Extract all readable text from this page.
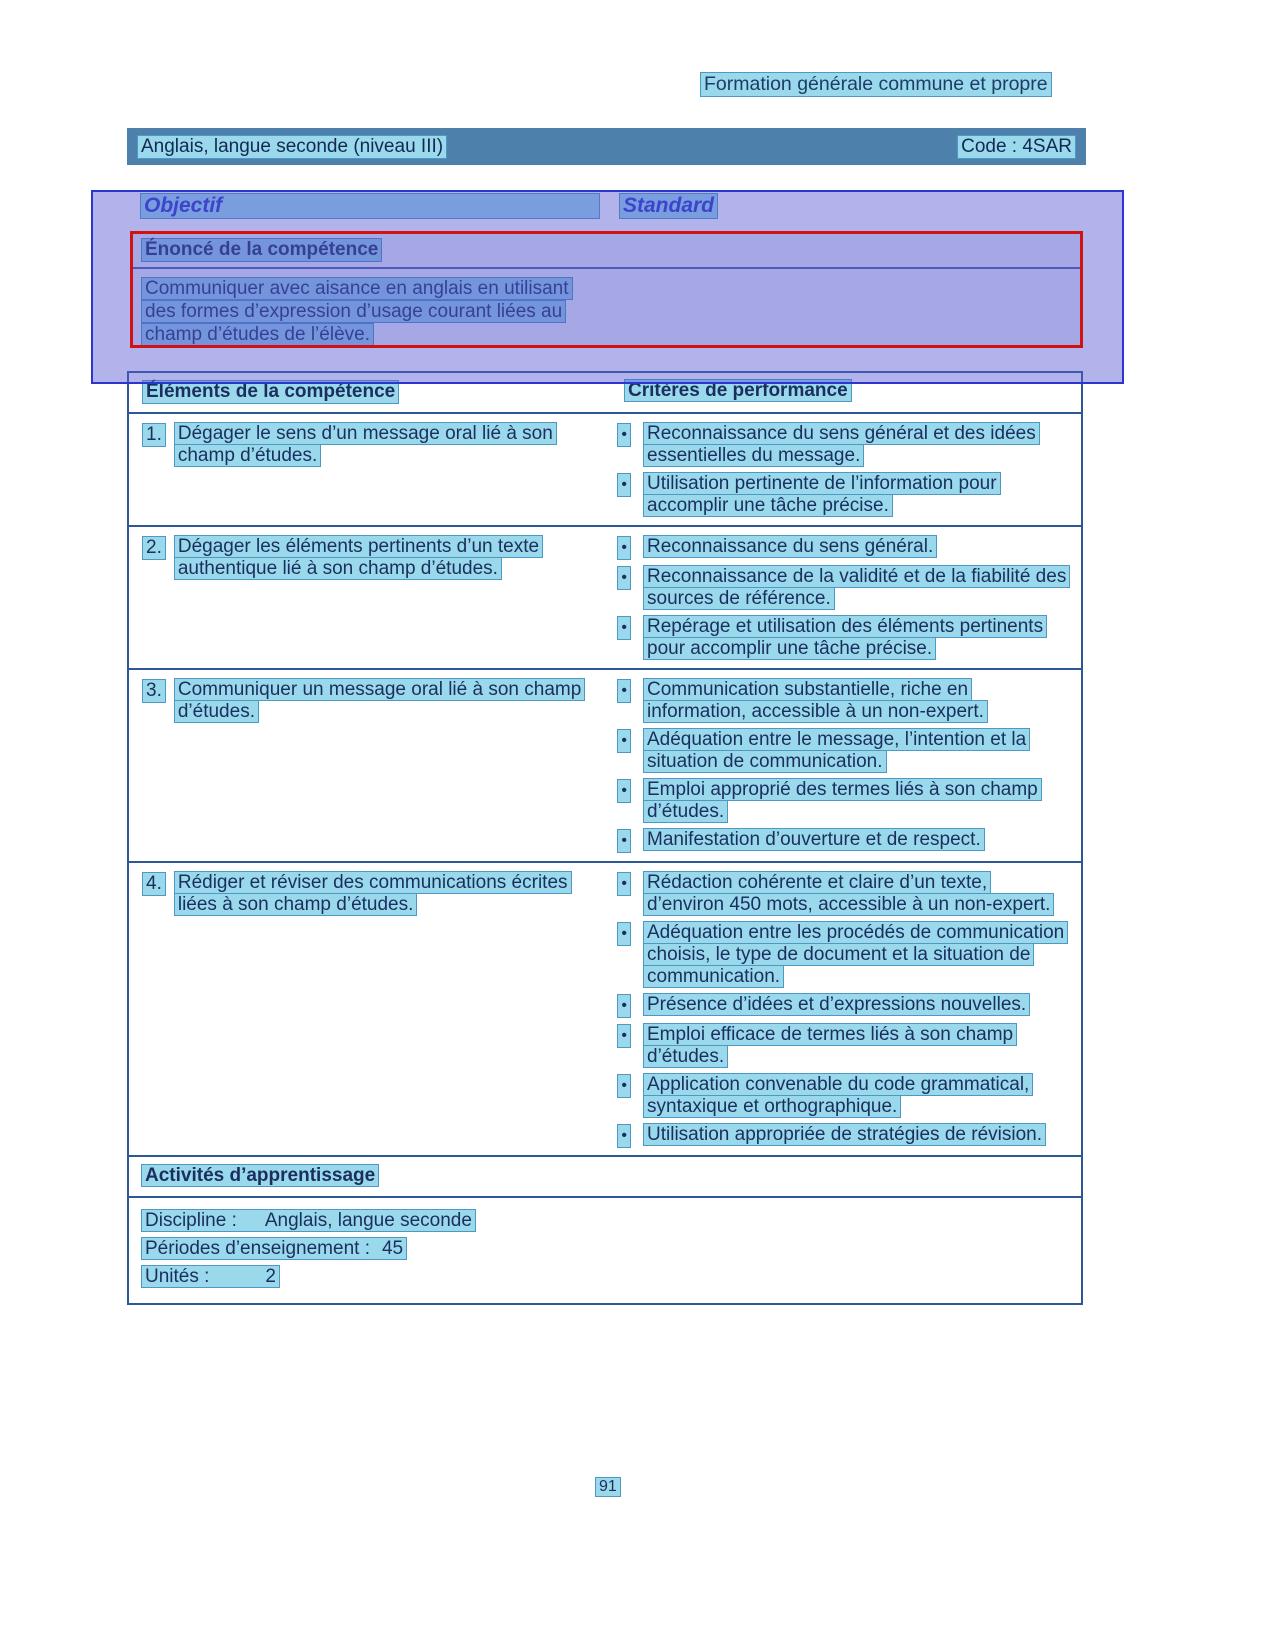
Formation générale commune et propre
Anglais, langue seconde (niveau III)	Code : 4SAR
Objectif	Standard
Énoncé de la compétence
Communiquer avec aisance en anglais en utilisant des formes d’expression d’usage courant liées au champ d’études de l’élève.
Éléments de la compétence	Critères de performance
1. Dégager le sens d’un message oral lié à son champ d’études.
• Reconnaissance du sens général et des idées essentielles du message.
• Utilisation pertinente de l’information pour accomplir une tâche précise.
2. Dégager les éléments pertinents d’un texte authentique lié à son champ d’études.
• Reconnaissance du sens général.
• Reconnaissance de la validité et de la fiabilité des sources de référence.
• Repérage et utilisation des éléments pertinents pour accomplir une tâche précise.
3. Communiquer un message oral lié à son champ d’études.
• Communication substantielle, riche en information, accessible à un non-expert.
• Adéquation entre le message, l’intention et la situation de communication.
• Emploi approprié des termes liés à son champ d’études.
• Manifestation d’ouverture et de respect.
4. Rédiger et réviser des communications écrites liées à son champ d’études.
• Rédaction cohérente et claire d’un texte, d’environ 450 mots, accessible à un non-expert.
• Adéquation entre les procédés de communication choisis, le type de document et la situation de communication.
• Présence d’idées et d’expressions nouvelles.
• Emploi efficace de termes liés à son champ d’études.
• Application convenable du code grammatical, syntaxique et orthographique.
• Utilisation appropriée de stratégies de révision.
Activités d’apprentissage
Discipline : Anglais, langue seconde
Périodes d’enseignement : 45
Unités :	2
91
